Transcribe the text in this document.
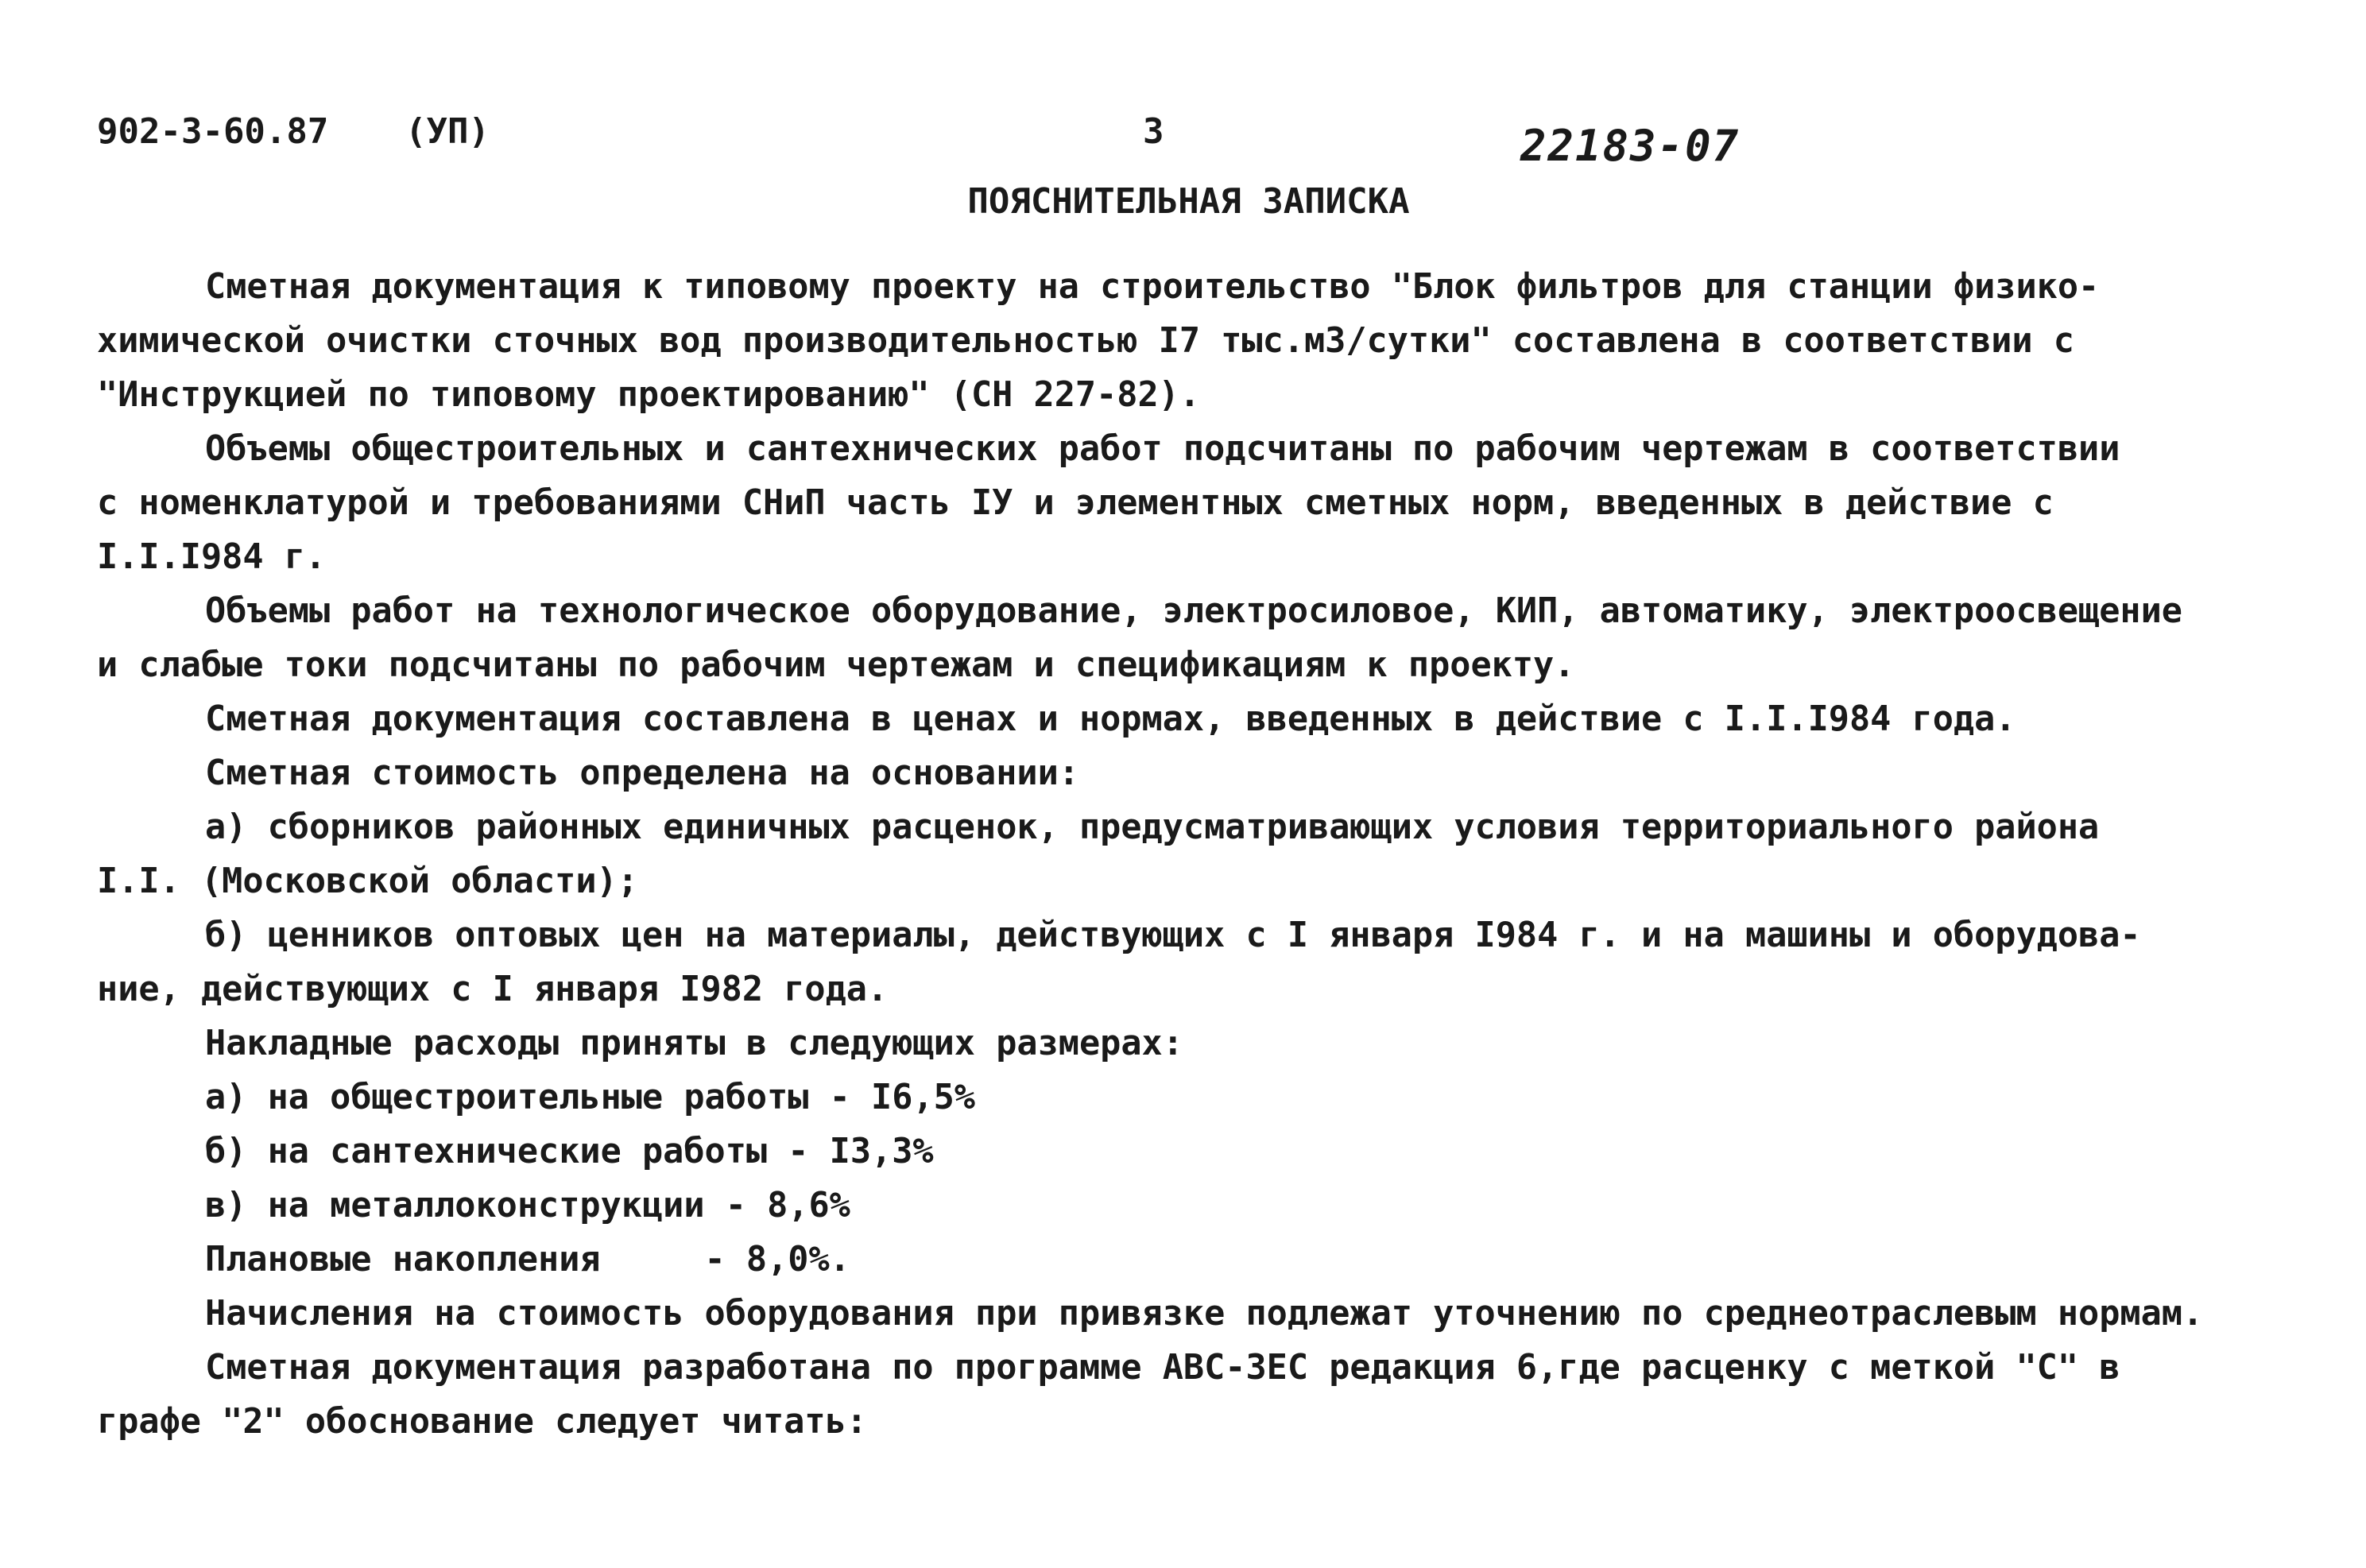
902-3-60.87 (УП)	3	22183-07
ПОЯСНИТЕЛЬНАЯ ЗАПИСКА
Сметная документация к типовому проекту на строительство "Блок фильтров для станции физико-
химической очистки сточных вод производительностью I7 тыс.м3/сутки" составлена в соответствии с
"Инструкцией по типовому проектированию" (СН 227-82).
Объемы общестроительных и сантехнических работ подсчитаны по рабочим чертежам в соответствии
с номенклатурой и требованиями СНиП часть IУ и элементных сметных норм, введенных в действие с
I.I.I984 г.
Объемы работ на технологическое оборудование, электросиловое, КИП, автоматику, электроосвещение
и слабые токи подсчитаны по рабочим чертежам и спецификациям к проекту.
Сметная документация составлена в ценах и нормах, введенных в действие с I.I.I984 года.
Сметная стоимость определена на основании:
а) сборников районных единичных расценок, предусматривающих условия территориального района
I.I. (Московской области);
б) ценников оптовых цен на материалы, действующих с I января I984 г. и на машины и оборудова-
ние, действующих с I января I982 года.
Накладные расходы приняты в следующих размерах:
а) на общестроительные работы - I6,5%
б) на сантехнические работы - I3,3%
в) на металлоконструкции - 8,6%
Плановые накопления     - 8,0%.
Начисления на стоимость оборудования при привязке подлежат уточнению по среднеотраслевым нормам.
Сметная документация разработана по программе АВС-3ЕС редакция 6,где расценку с меткой "С" в
графе "2" обоснование следует читать:
